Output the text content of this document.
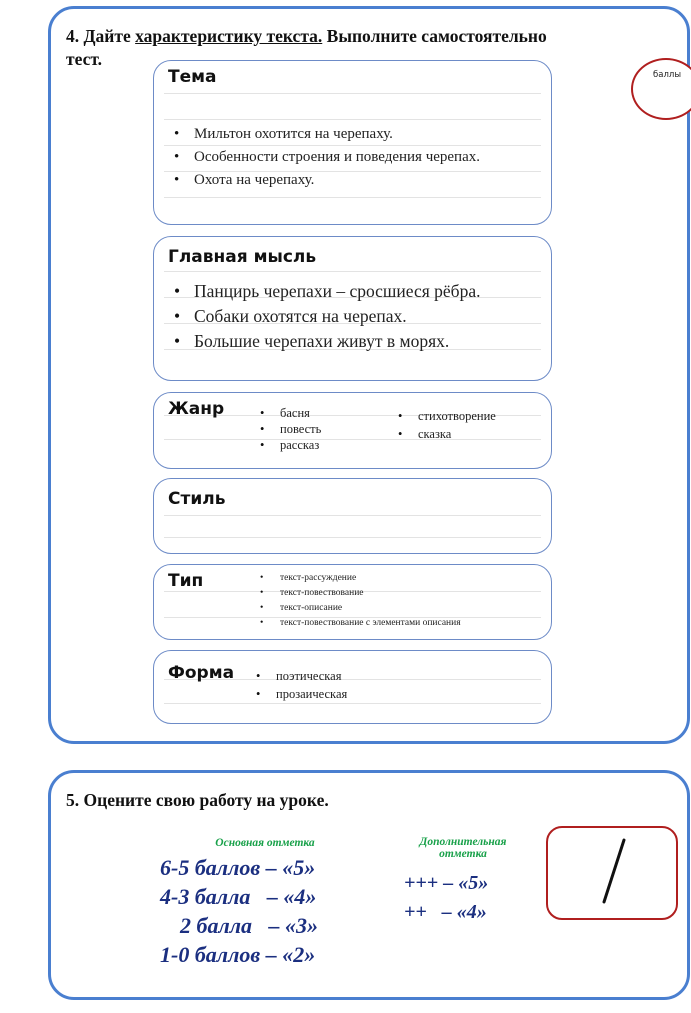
4. Дайте характеристику текста. Выполните самостоятельно
тест.
баллы
Тема
• Мильтон охотится на черепаху.
• Особенности строения и поведения черепах.
• Охота на черепаху.
Главная мысль
• Панцирь черепахи – сросшиеся рёбра.
• Собаки охотятся на черепах.
• Большие черепахи живут в морях.
Жанр	• басня
• повесть
• рассказ
• стихотворение
• сказка
Стиль
Тип	• текст-рассуждение
• текст-повествование
• текст-описание
• текст-повествование с элементами описания
Форма	• поэтическая
• прозаическая
5. Оцените свою работу на уроке.
Основная отметка
6-5 баллов – «5»
4-3 балла   – «4»
2 балла   – «3»
1-0 баллов – «2»
Дополнительная
отметка
+++ – «5»
++   – «4»
